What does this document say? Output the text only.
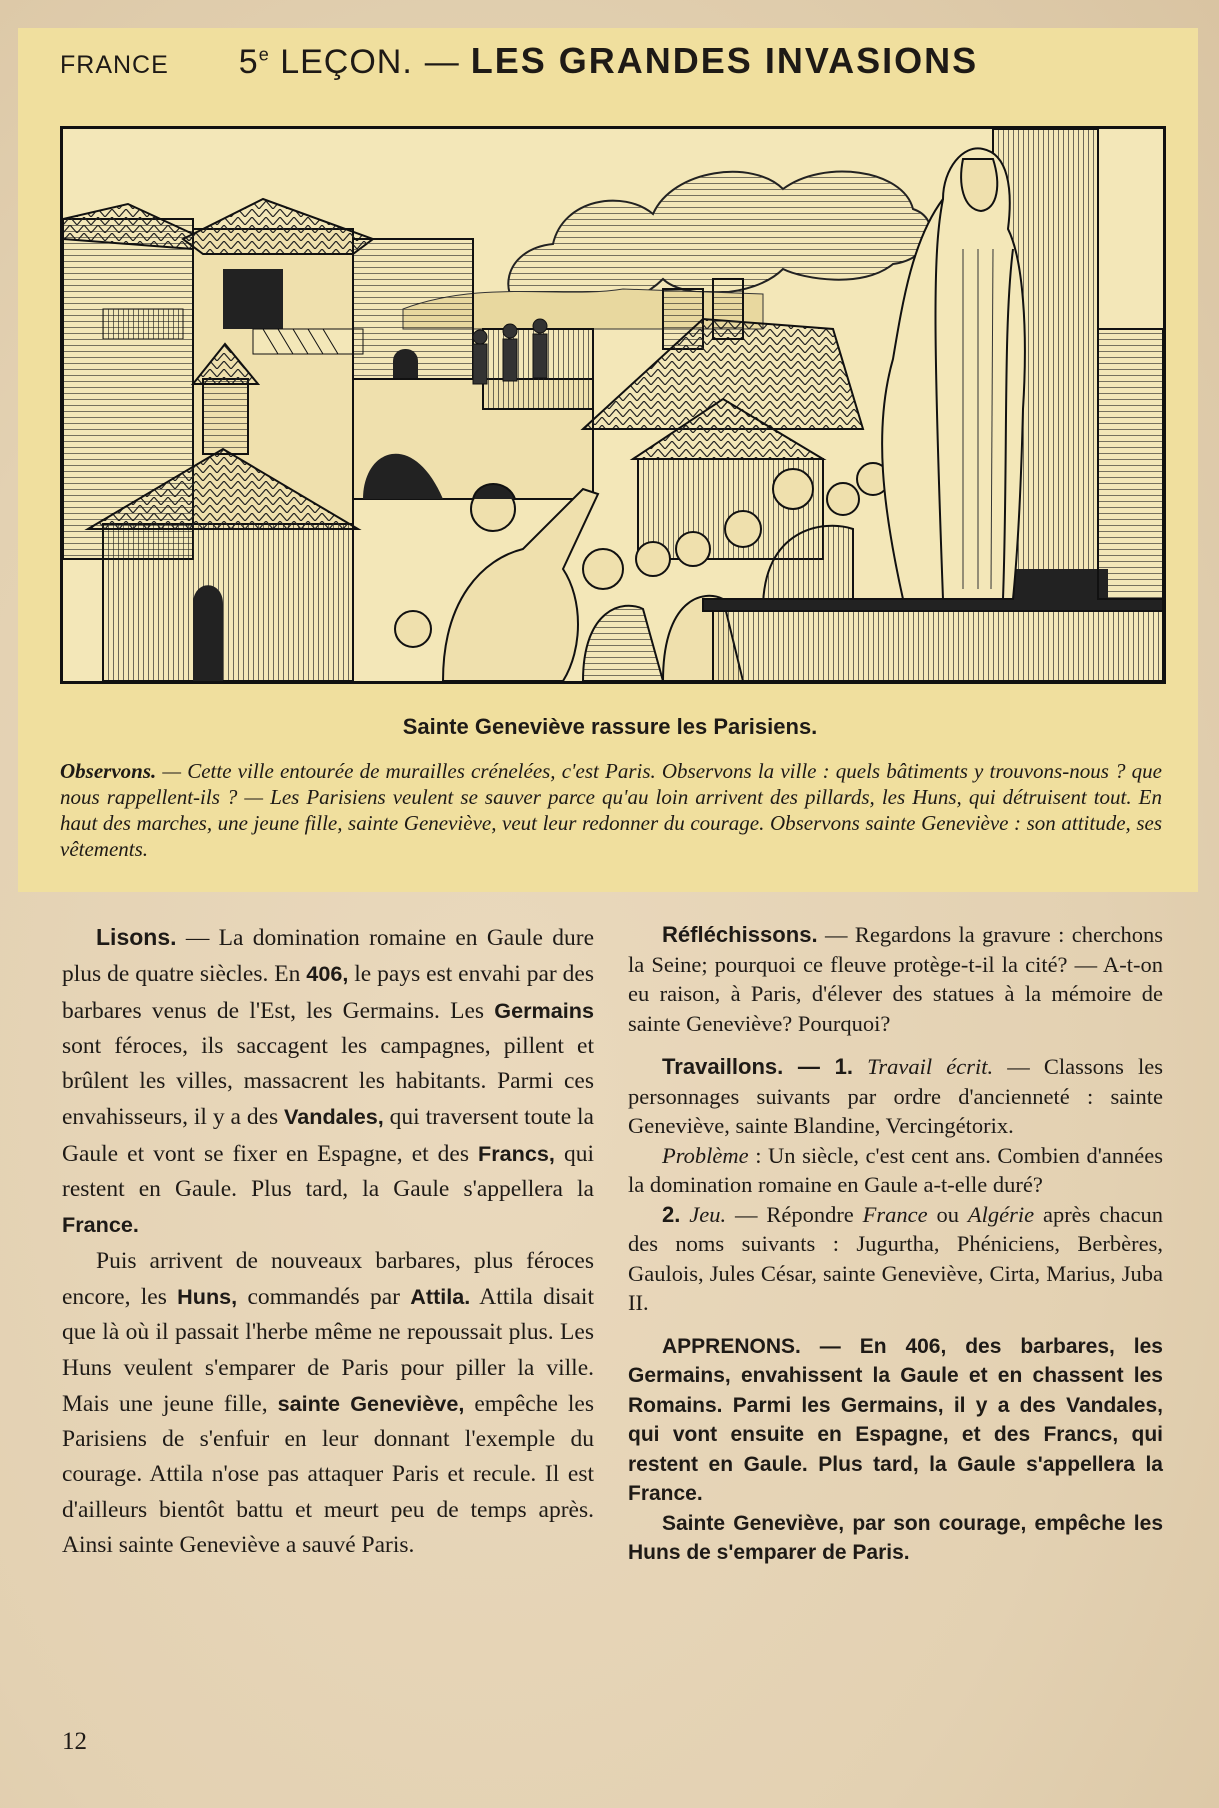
FRANCE 5e LEÇON. — LES GRANDES INVASIONS
Sainte Geneviève rassure les Parisiens.
Observons. — Cette ville entourée de murailles crénelées, c'est Paris. Observons la ville : quels bâtiments y trouvons-nous ? que nous rappellent-ils ? — Les Parisiens veulent se sauver parce qu'au loin arrivent des pillards, les Huns, qui détruisent tout. En haut des marches, une jeune fille, sainte Geneviève, veut leur redonner du courage. Observons sainte Geneviève : son attitude, ses vêtements.

Lisons. — La domination romaine en Gaule dure plus de quatre siècles. En 406, le pays est envahi par des barbares venus de l'Est, les Germains. Les Germains sont féroces, ils saccagent les campagnes, pillent et brûlent les villes, massacrent les habitants. Parmi ces envahisseurs, il y a des Vandales, qui traversent toute la Gaule et vont se fixer en Espagne, et des Francs, qui restent en Gaule. Plus tard, la Gaule s'appellera la France.

Puis arrivent de nouveaux barbares, plus féroces encore, les Huns, commandés par Attila. Attila disait que là où il passait l'herbe même ne repoussait plus. Les Huns veulent s'emparer de Paris pour piller la ville. Mais une jeune fille, sainte Geneviève, empêche les Parisiens de s'enfuir en leur donnant l'exemple du courage. Attila n'ose pas attaquer Paris et recule. Il est d'ailleurs bientôt battu et meurt peu de temps après. Ainsi sainte Geneviève a sauvé Paris.

Réfléchissons. — Regardons la gravure : cherchons la Seine; pourquoi ce fleuve protège-t-il la cité? — A-t-on eu raison, à Paris, d'élever des statues à la mémoire de sainte Geneviève? Pourquoi?

Travaillons. — 1. Travail écrit. — Classons les personnages suivants par ordre d'ancienneté : sainte Geneviève, sainte Blandine, Vercingétorix.

Problème : Un siècle, c'est cent ans. Combien d'années la domination romaine en Gaule a-t-elle duré?

2. Jeu. — Répondre France ou Algérie après chacun des noms suivants : Jugurtha, Phéniciens, Berbères, Gaulois, Jules César, sainte Geneviève, Cirta, Marius, Juba II.

APPRENONS. — En 406, des barbares, les Germains, envahissent la Gaule et en chassent les Romains. Parmi les Germains, il y a des Vandales, qui vont ensuite en Espagne, et des Francs, qui restent en Gaule. Plus tard, la Gaule s'appellera la France.

Sainte Geneviève, par son courage, empêche les Huns de s'emparer de Paris.

12
